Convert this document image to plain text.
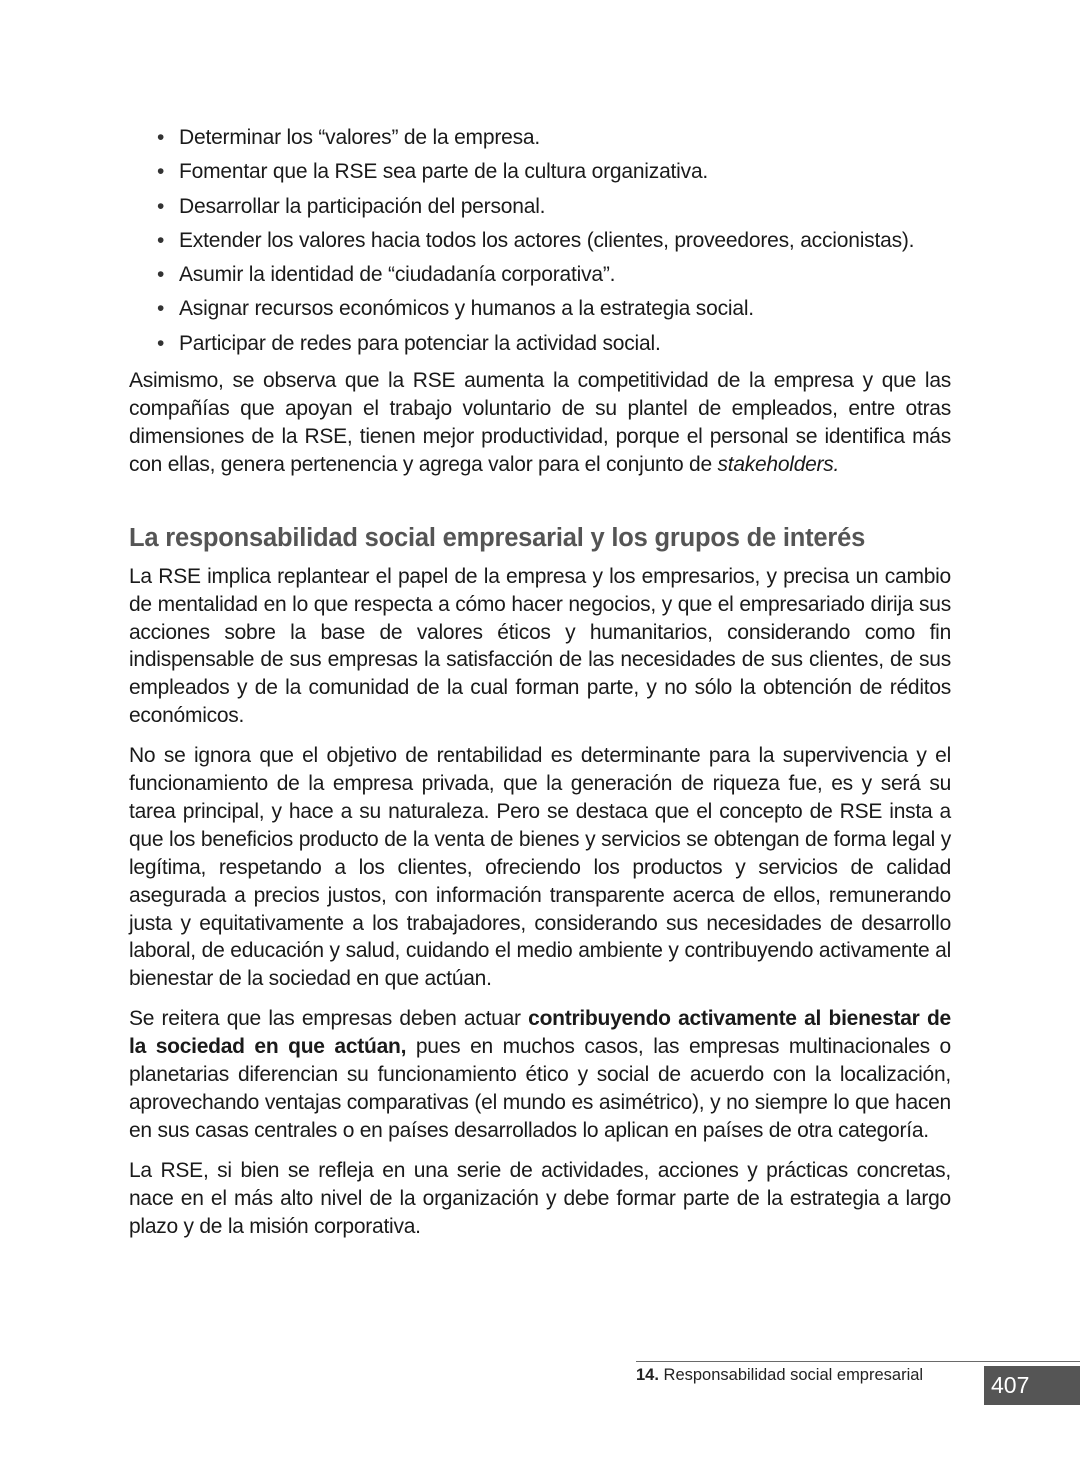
• Determinar los “valores” de la empresa.
• Fomentar que la RSE sea parte de la cultura organizativa.
• Desarrollar la participación del personal.
• Extender los valores hacia todos los actores (clientes, proveedores, accionistas).
• Asumir la identidad de “ciudadanía corporativa”.
• Asignar recursos económicos y humanos a la estrategia social.
• Participar de redes para potenciar la actividad social.

Asimismo, se observa que la RSE aumenta la competitividad de la empresa y que las compañías que apoyan el trabajo voluntario de su plantel de empleados, entre otras dimensiones de la RSE, tienen mejor productividad, porque el personal se identifica más con ellas, genera pertenencia y agrega valor para el conjunto de stakeholders.

La responsabilidad social empresarial y los grupos de interés

La RSE implica replantear el papel de la empresa y los empresarios, y precisa un cambio de mentalidad en lo que respecta a cómo hacer negocios, y que el empresariado dirija sus acciones sobre la base de valores éticos y humanitarios, considerando como fin indispensable de sus empresas la satisfacción de las necesidades de sus clientes, de sus empleados y de la comunidad de la cual forman parte, y no sólo la obtención de réditos económicos.

No se ignora que el objetivo de rentabilidad es determinante para la supervivencia y el funcionamiento de la empresa privada, que la generación de riqueza fue, es y será su tarea principal, y hace a su naturaleza. Pero se destaca que el concepto de RSE insta a que los beneficios producto de la venta de bienes y servicios se obtengan de forma legal y legítima, respetando a los clientes, ofreciendo los productos y servicios de calidad asegurada a precios justos, con información transparente acerca de ellos, remunerando justa y equitativamente a los trabajadores, considerando sus necesidades de desarrollo laboral, de educación y salud, cuidando el medio ambiente y contribuyendo activamente al bienestar de la sociedad en que actúan.

Se reitera que las empresas deben actuar contribuyendo activamente al bienestar de la sociedad en que actúan, pues en muchos casos, las empresas multinacionales o planetarias diferencian su funcionamiento ético y social de acuerdo con la localización, aprovechando ventajas comparativas (el mundo es asimétrico), y no siempre lo que hacen en sus casas centrales o en países desarrollados lo aplican en países de otra categoría.

La RSE, si bien se refleja en una serie de actividades, acciones y prácticas concretas, nace en el más alto nivel de la organización y debe formar parte de la estrategia a largo plazo y de la misión corporativa.

14. Responsabilidad social empresarial	407
